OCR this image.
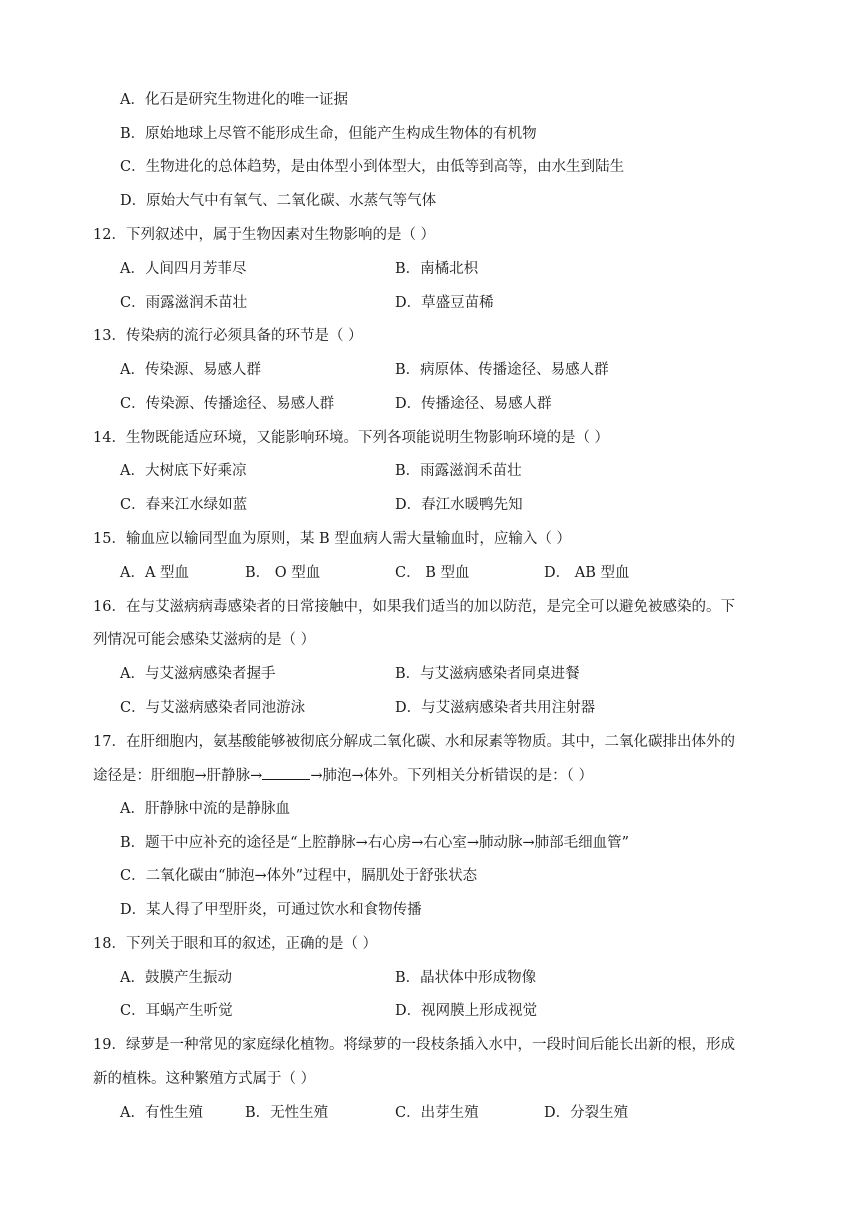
A．化石是研究生物进化的唯一证据
B．原始地球上尽管不能形成生命，但能产生构成生物体的有机物
C．生物进化的总体趋势，是由体型小到体型大，由低等到高等，由水生到陆生
D．原始大气中有氧气、二氧化碳、水蒸气等气体
12．下列叙述中，属于生物因素对生物影响的是（ ）
A．人间四月芳菲尽	B．南橘北枳
C．雨露滋润禾苗壮	D．草盛豆苗稀
13．传染病的流行必须具备的环节是（ ）
A．传染源、易感人群	B．病原体、传播途径、易感人群
C．传染源、传播途径、易感人群	D．传播途径、易感人群
14．生物既能适应环境，又能影响环境。下列各项能说明生物影响环境的是（ ）
A．大树底下好乘凉	B．雨露滋润禾苗壮
C．春来江水绿如蓝	D．春江水暖鸭先知
15．输血应以输同型血为原则，某 B 型血病人需大量输血时，应输入（ ）
A．A 型血	B． O 型血	C． B 型血	D． AB 型血
16．在与艾滋病病毒感染者的日常接触中，如果我们适当的加以防范，是完全可以避免被感染的。下
列情况可能会感染艾滋病的是（ ）
A．与艾滋病感染者握手	B．与艾滋病感染者同桌进餐
C．与艾滋病感染者同池游泳	D．与艾滋病感染者共用注射器
17．在肝细胞内，氨基酸能够被彻底分解成二氧化碳、水和尿素等物质。其中，二氧化碳排出体外的
途径是：肝细胞→肝静脉→	→肺泡→体外。下列相关分析错误的是：（ ）
A．肝静脉中流的是静脉血
B．题干中应补充的途径是“上腔静脉→右心房→右心室→肺动脉→肺部毛细血管”
C．二氧化碳由“肺泡→体外”过程中，膈肌处于舒张状态
D．某人得了甲型肝炎，可通过饮水和食物传播
18．下列关于眼和耳的叙述，正确的是（ ）
A．鼓膜产生振动	B．晶状体中形成物像
C．耳蜗产生听觉	D．视网膜上形成视觉
19．绿萝是一种常见的家庭绿化植物。将绿萝的一段枝条插入水中，一段时间后能长出新的根，形成
新的植株。这种繁殖方式属于（ ）
A．有性生殖	B．无性生殖	C．出芽生殖	D．分裂生殖
